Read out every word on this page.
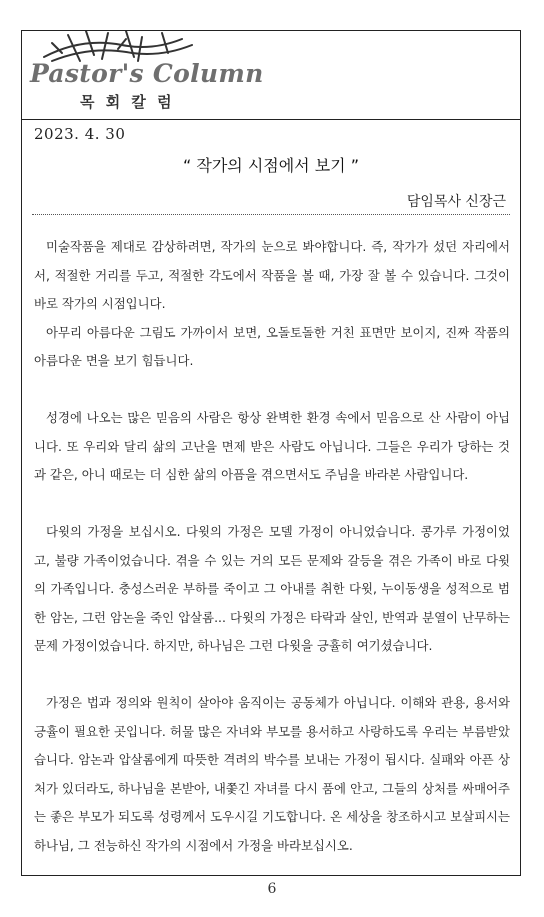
Pastor's Column
목 회 칼 럼
2023. 4. 30
“ 작가의 시점에서 보기 ”
담임목사 신장근

미술작품을 제대로 감상하려면, 작가의 눈으로 봐야합니다. 즉, 작가가 섰던 자리에서서, 적절한 거리를 두고, 적절한 각도에서 작품을 볼 때, 가장 잘 볼 수 있습니다. 그것이 바로 작가의 시점입니다.

아무리 아름다운 그림도 가까이서 보면, 오돌토돌한 거친 표면만 보이지, 진짜 작품의 아름다운 면을 보기 힘듭니다.

성경에 나오는 많은 믿음의 사람은 항상 완벽한 환경 속에서 믿음으로 산 사람이 아닙니다. 또 우리와 달리 삶의 고난을 면제 받은 사람도 아닙니다. 그들은 우리가 당하는 것과 같은, 아니 때로는 더 심한 삶의 아픔을 겪으면서도 주님을 바라본 사람입니다.

다윗의 가정을 보십시오. 다윗의 가정은 모델 가정이 아니었습니다. 콩가루 가정이었고, 불량 가족이었습니다. 겪을 수 있는 거의 모든 문제와 갈등을 겪은 가족이 바로 다윗의 가족입니다. 충성스러운 부하를 죽이고 그 아내를 취한 다윗, 누이동생을 성적으로 범한 암논, 그런 암논을 죽인 압살롬... 다윗의 가정은 타락과 살인, 반역과 분열이 난무하는 문제 가정이었습니다. 하지만, 하나님은 그런 다윗을 긍휼히 여기셨습니다.

가정은 법과 정의와 원칙이 살아야 움직이는 공동체가 아닙니다. 이해와 관용, 용서와 긍휼이 필요한 곳입니다. 허물 많은 자녀와 부모를 용서하고 사랑하도록 우리는 부름받았습니다. 암논과 압살롬에게 따뜻한 격려의 박수를 보내는 가정이 됩시다. 실패와 아픈 상처가 있더라도, 하나님을 본받아, 내쫓긴 자녀를 다시 품에 안고, 그들의 상처를 싸매어주는 좋은 부모가 되도록 성령께서 도우시길 기도합니다. 온 세상을 창조하시고 보살피시는 하나님, 그 전능하신 작가의 시점에서 가정을 바라보십시오.

6
